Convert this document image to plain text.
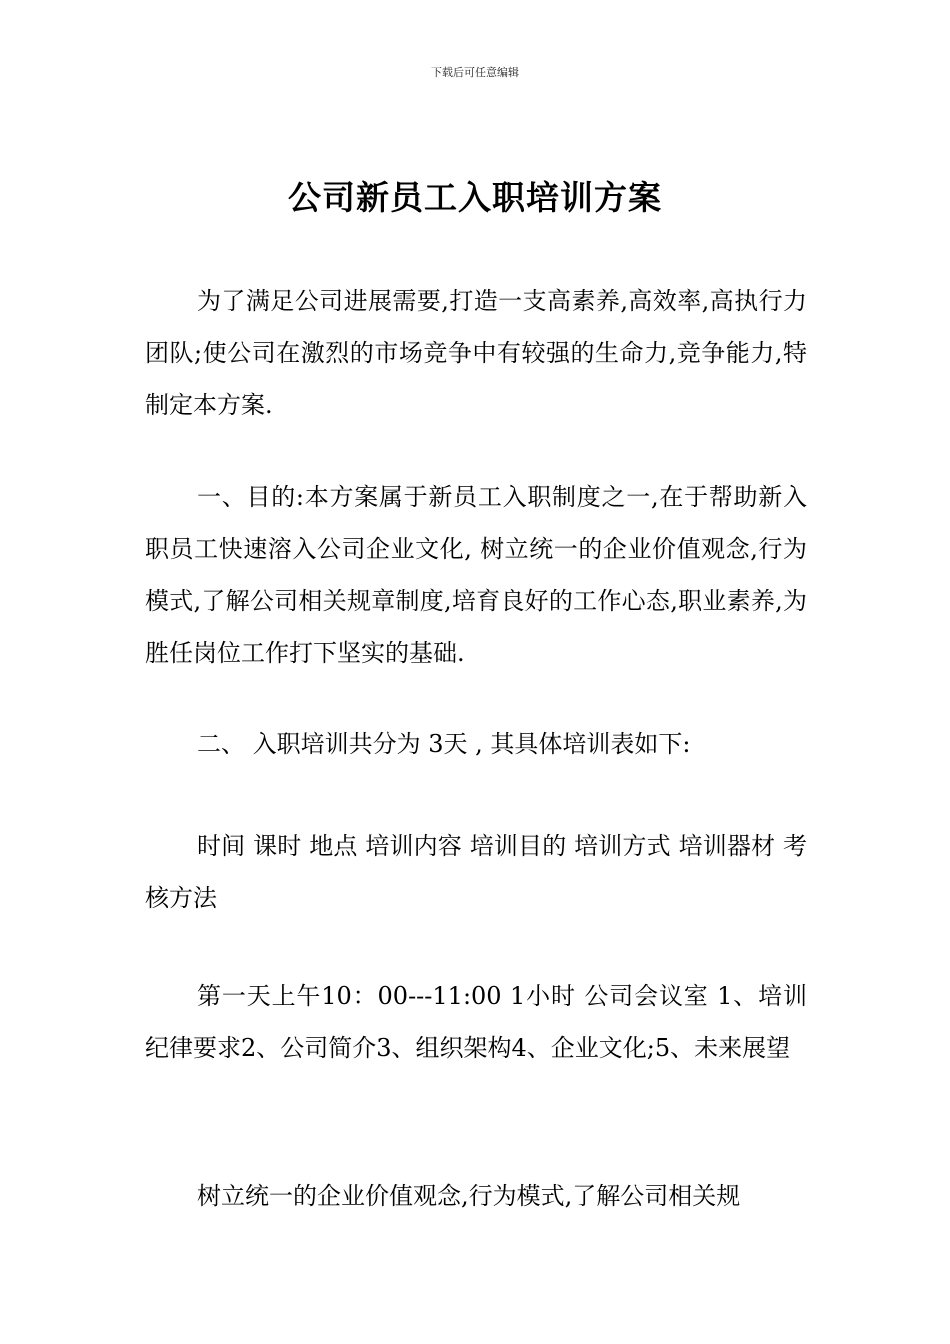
下载后可任意编辑
公司新员工入职培训方案

为了满足公司进展需要,打造一支高素养,高效率,高执行力团队;使公司在激烈的市场竞争中有较强的生命力,竞争能力,特制定本方案.

一、目的:本方案属于新员工入职制度之一,在于帮助新入职员工快速溶入公司企业文化, 树立统一的企业价值观念,行为模式,了解公司相关规章制度,培育良好的工作心态,职业素养,为胜任岗位工作打下坚实的基础.

二、 入职培训共分为 3天 , 其具体培训表如下:

时间 课时 地点 培训内容 培训目的 培训方式 培训器材 考核方法

第一天上午10：00---11:00 1小时 公司会议室 1、培训纪律要求2、公司简介3、组织架构4、企业文化;5、未来展望

树立统一的企业价值观念,行为模式,了解公司相关规
